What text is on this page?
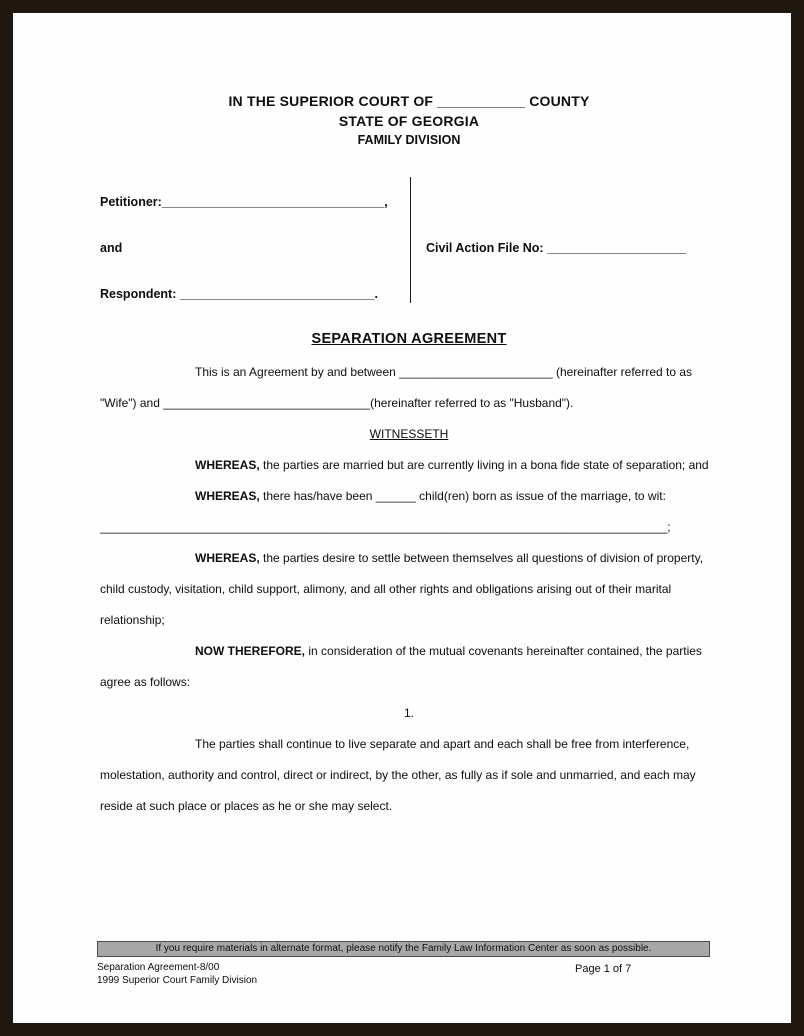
IN THE SUPERIOR COURT OF ___________ COUNTY
STATE OF GEORGIA
FAMILY DIVISION
Petitioner:________________________________,
and
Respondent: ____________________________.
Civil Action File No: ____________________
SEPARATION AGREEMENT

This is an Agreement by and between _______________________ (hereinafter referred to as "Wife") and _______________________________(hereinafter referred to as "Husband").

WITNESSETH

WHEREAS, the parties are married but are currently living in a bona fide state of separation; and

WHEREAS, there has/have been ______ child(ren) born as issue of the marriage, to wit:

_____________________________________________________________________________________;

WHEREAS, the parties desire to settle between themselves all questions of division of property, child custody, visitation, child support, alimony, and all other rights and obligations arising out of their marital relationship;

NOW THEREFORE, in consideration of the mutual covenants hereinafter contained, the parties agree as follows:

1.

The parties shall continue to live separate and apart and each shall be free from interference, molestation, authority and control, direct or indirect, by the other, as fully as if sole and unmarried, and each may reside at such place or places as he or she may select.

If you require materials in alternate format, please notify the Family Law Information Center as soon as possible.
Separation Agreement-8/00
1999 Superior Court Family Division
Page 1 of 7
